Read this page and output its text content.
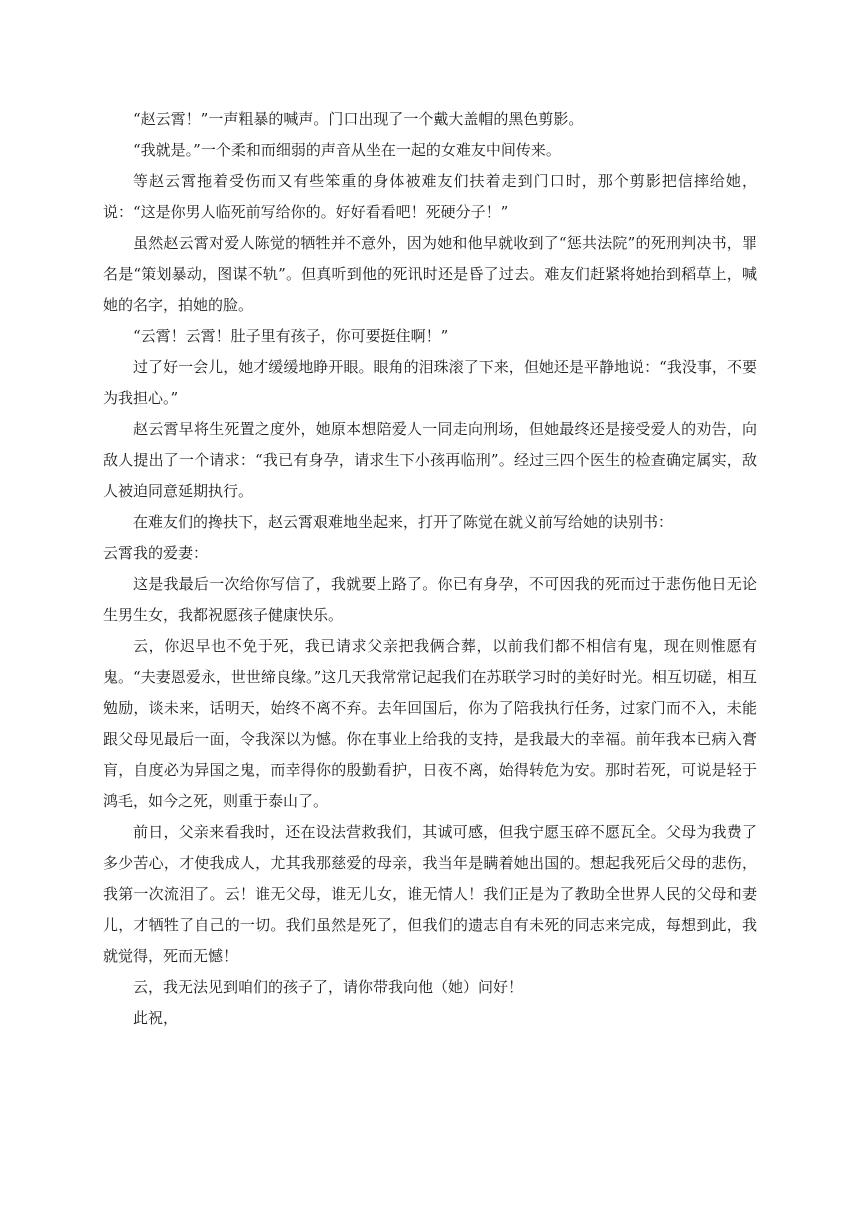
“赵云霄！”一声粗暴的喊声。门口出现了一个戴大盖帽的黑色剪影。

“我就是。”一个柔和而细弱的声音从坐在一起的女难友中间传来。

等赵云霄拖着受伤而又有些笨重的身体被难友们扶着走到门口时，那个剪影把信摔给她，说：“这是你男人临死前写给你的。好好看看吧！死硬分子！”

虽然赵云霄对爱人陈觉的牺牲并不意外，因为她和他早就收到了“惩共法院”的死刑判决书，罪名是“策划暴动，图谋不轨”。但真听到他的死讯时还是昏了过去。难友们赶紧将她抬到稻草上，喊她的名字，拍她的脸。

“云霄！云霄！肚子里有孩子，你可要挺住啊！”

过了好一会儿，她才缓缓地睁开眼。眼角的泪珠滚了下来，但她还是平静地说：“我没事，不要为我担心。”

赵云霄早将生死置之度外，她原本想陪爱人一同走向刑场，但她最终还是接受爱人的劝告，向敌人提出了一个请求：“我已有身孕，请求生下小孩再临刑”。经过三四个医生的检查确定属实，敌人被迫同意延期执行。

在难友们的搀扶下，赵云霄艰难地坐起来，打开了陈觉在就义前写给她的诀别书：

云霄我的爱妻：

这是我最后一次给你写信了，我就要上路了。你已有身孕，不可因我的死而过于悲伤他日无论生男生女，我都祝愿孩子健康快乐。

云，你迟早也不免于死，我已请求父亲把我俩合葬，以前我们都不相信有鬼，现在则惟愿有鬼。“夫妻恩爱永，世世缔良缘。”这几天我常常记起我们在苏联学习时的美好时光。相互切磋，相互勉励，谈未来，话明天，始终不离不弃。去年回国后，你为了陪我执行任务，过家门而不入，未能跟父母见最后一面，令我深以为憾。你在事业上给我的支持，是我最大的幸福。前年我本已病入膏肓，自度必为异国之鬼，而幸得你的殷勤看护，日夜不离，始得转危为安。那时若死，可说是轻于鸿毛，如今之死，则重于泰山了。

前日，父亲来看我时，还在设法营救我们，其诚可感，但我宁愿玉碎不愿瓦全。父母为我费了多少苦心，才使我成人，尤其我那慈爱的母亲，我当年是瞒着她出国的。想起我死后父母的悲伤，我第一次流泪了。云！谁无父母，谁无儿女，谁无情人！我们正是为了教助全世界人民的父母和妻儿，才牺牲了自己的一切。我们虽然是死了，但我们的遗志自有未死的同志来完成，每想到此，我就觉得，死而无憾！

云，我无法见到咱们的孩子了，请你带我向他（她）问好！

此祝，
